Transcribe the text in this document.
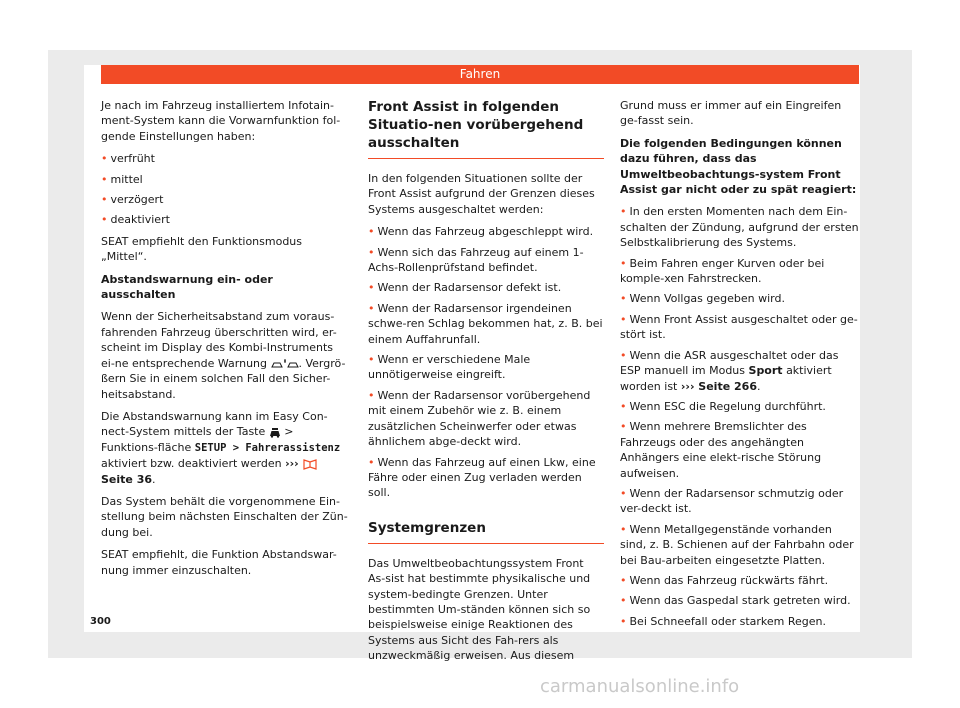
Fahren

Je nach im Fahrzeug installiertem Infotain-ment-System kann die Vorwarnfunktion fol-gende Einstellungen haben:

• verfrüht
• mittel
• verzögert
• deaktiviert

SEAT empfiehlt den Funktionsmodus „Mittel“.

Abstandswarnung ein- oder ausschalten

Wenn der Sicherheitsabstand zum voraus-fahrenden Fahrzeug überschritten wird, er-scheint im Display des Kombi-Instruments ei-ne entsprechende Warnung	. Vergrö-ßern Sie in einem solchen Fall den Sicher-heitsabstand.

Die Abstandswarnung kann im Easy Con-nect-System mittels der Taste > Funktions-fläche SETUP > Fahrerassistenz aktiviert bzw. deaktiviert werden ›››  Seite 36.

Das System behält die vorgenommene Ein-stellung beim nächsten Einschalten der Zün-dung bei.

SEAT empfiehlt, die Funktion Abstandswar-nung immer einzuschalten.

Front Assist in folgenden Situatio-nen vorübergehend ausschalten

In den folgenden Situationen sollte der Front Assist aufgrund der Grenzen dieses Systems ausgeschaltet werden:

• Wenn das Fahrzeug abgeschleppt wird.
• Wenn sich das Fahrzeug auf einem 1-Achs-Rollenprüfstand befindet.
• Wenn der Radarsensor defekt ist.
• Wenn der Radarsensor irgendeinen schwe-ren Schlag bekommen hat, z. B. bei einem Auffahrunfall.
• Wenn er verschiedene Male unnötigerweise eingreift.
• Wenn der Radarsensor vorübergehend mit einem Zubehör wie z. B. einem zusätzlichen Scheinwerfer oder etwas ähnlichem abge-deckt wird.
• Wenn das Fahrzeug auf einen Lkw, eine Fähre oder einen Zug verladen werden soll.
Systemgrenzen

Das Umweltbeobachtungssystem Front As-sist hat bestimmte physikalische und system-bedingte Grenzen. Unter bestimmten Um-ständen können sich so beispielsweise einige Reaktionen des Systems aus Sicht des Fah-rers als unzweckmäßig erweisen. Aus diesem

Grund muss er immer auf ein Eingreifen ge-fasst sein.

Die folgenden Bedingungen können dazu führen, dass das Umweltbeobachtungs-system Front Assist gar nicht oder zu spät reagiert:

• In den ersten Momenten nach dem Ein-schalten der Zündung, aufgrund der ersten Selbstkalibrierung des Systems.
• Beim Fahren enger Kurven oder bei komple-xen Fahrstrecken.
• Wenn Vollgas gegeben wird.
• Wenn Front Assist ausgeschaltet oder ge-stört ist.
• Wenn die ASR ausgeschaltet oder das ESP manuell im Modus Sport aktiviert worden ist ››› Seite 266.
• Wenn ESC die Regelung durchführt.
• Wenn mehrere Bremslichter des Fahrzeugs oder des angehängten Anhängers eine elekt-rische Störung aufweisen.
• Wenn der Radarsensor schmutzig oder ver-deckt ist.
• Wenn Metallgegenstände vorhanden sind, z. B. Schienen auf der Fahrbahn oder bei Bau-arbeiten eingesetzte Platten.
• Wenn das Fahrzeug rückwärts fährt.
• Wenn das Gaspedal stark getreten wird.
• Bei Schneefall oder starkem Regen.
300
carmanualsonline.info
